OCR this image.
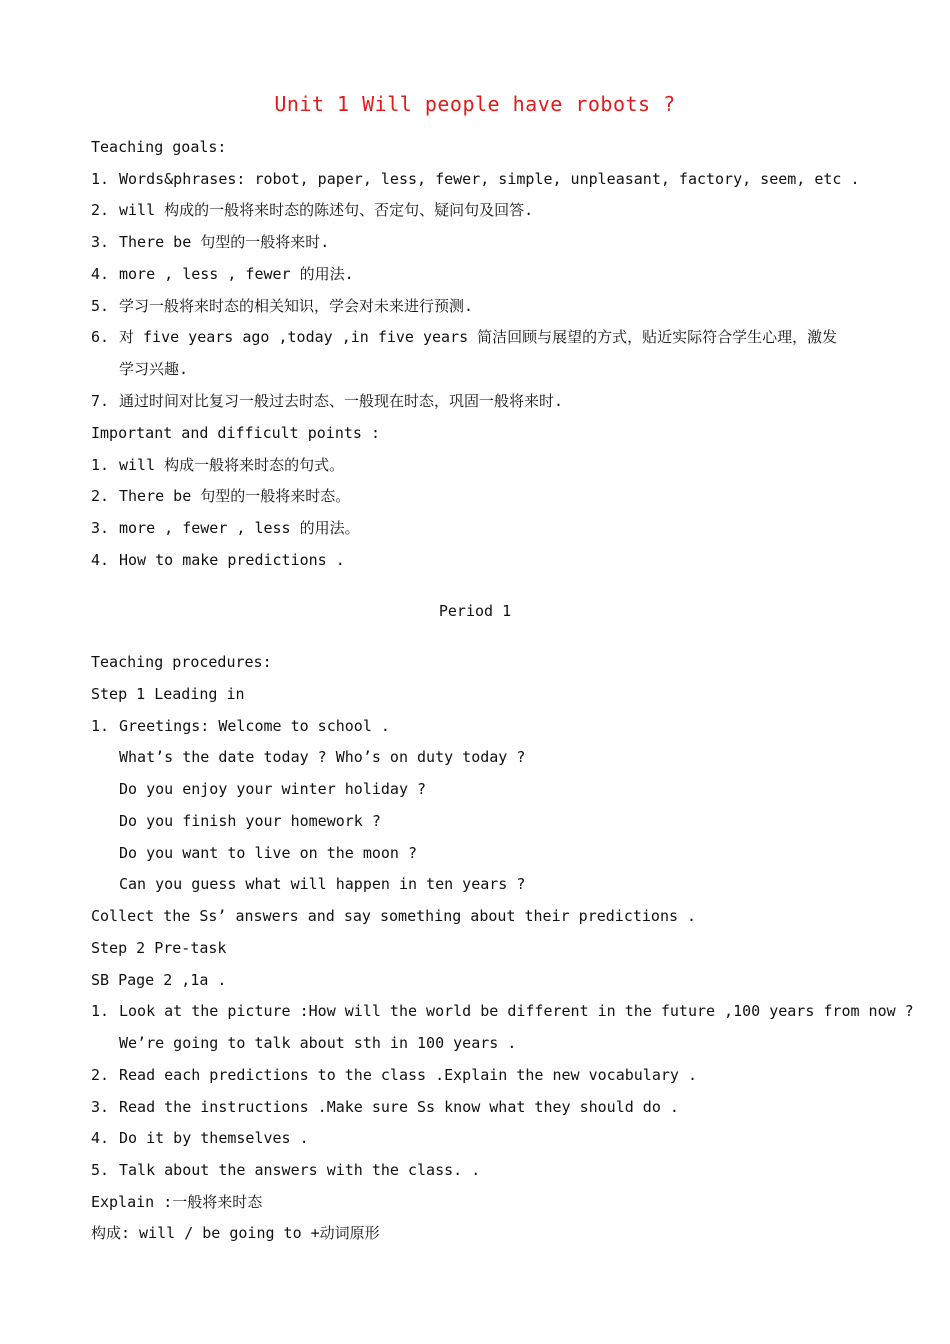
Unit 1 Will people have robots ?
Teaching goals:
1. Words&phrases: robot, paper, less, fewer, simple, unpleasant, factory, seem, etc .
2. will 构成的一般将来时态的陈述句、否定句、疑问句及回答.
3. There be 句型的一般将来时.
4. more , less , fewer 的用法.
5. 学习一般将来时态的相关知识，学会对未来进行预测.
6. 对 five years ago ,today ,in five years 简洁回顾与展望的方式，贴近实际符合学生心理，激发
学习兴趣.
7. 通过时间对比复习一般过去时态、一般现在时态，巩固一般将来时.
Important and difficult points :
1. will 构成一般将来时态的句式。
2. There be 句型的一般将来时态。
3. more , fewer , less 的用法。
4. How to make predictions .
Period 1
Teaching procedures:
Step 1 Leading in
1. Greetings: Welcome to school .
What’s the date today ? Who’s on duty today ?
Do you enjoy your winter holiday ?
Do you finish your homework ?
Do you want to live on the moon ?
Can you guess what will happen in ten years ?
Collect the Ss’ answers and say something about their predictions .
Step 2 Pre-task
SB Page 2 ,1a .
1. Look at the picture :How will the world be different in the future ,100 years from now ?
We’re going to talk about sth in 100 years .
2. Read each predictions to the class .Explain the new vocabulary .
3. Read the instructions .Make sure Ss know what they should do .
4. Do it by themselves .
5. Talk about the answers with the class. .
Explain :一般将来时态
构成: will / be going to +动词原形
